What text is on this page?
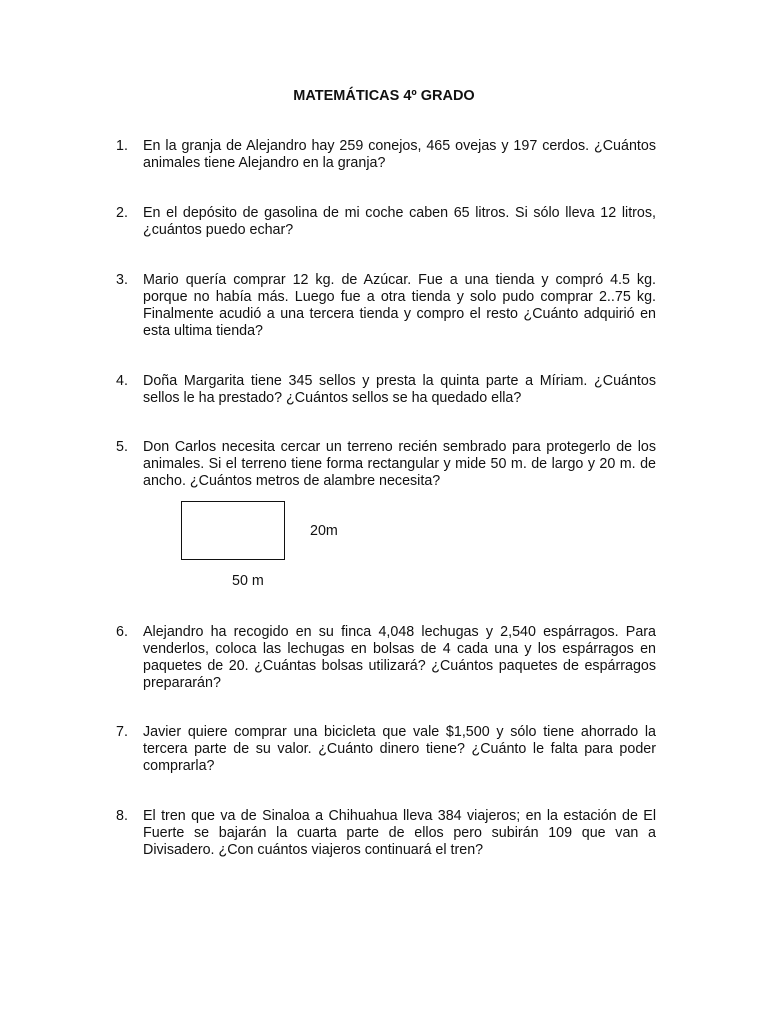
MATEMÁTICAS 4º GRADO
1.	En la granja de Alejandro hay 259 conejos, 465 ovejas y 197 cerdos. ¿Cuántos animales tiene Alejandro en la granja?
2.	En el depósito de gasolina de mi coche caben 65 litros. Si sólo lleva 12 litros, ¿cuántos puedo echar?
3.	Mario quería comprar 12 kg. de Azúcar. Fue a una tienda y compró 4.5 kg. porque no había más. Luego fue a otra tienda y solo pudo comprar 2..75 kg. Finalmente acudió a una tercera tienda y compro el resto ¿Cuánto adquirió en esta ultima tienda?
4.	Doña Margarita tiene 345 sellos y presta la quinta parte a Míriam. ¿Cuántos sellos le ha prestado? ¿Cuántos sellos se ha quedado ella?
5.	Don Carlos necesita cercar un terreno recién sembrado para protegerlo de los animales. Si el terreno tiene forma rectangular y mide 50 m. de largo y 20 m. de ancho. ¿Cuántos metros de alambre necesita?
20m
50 m
6.	Alejandro ha recogido en su finca 4,048 lechugas y 2,540 espárragos. Para venderlos, coloca las lechugas en bolsas de 4 cada una y los espárragos en paquetes de 20. ¿Cuántas bolsas utilizará? ¿Cuántos paquetes de espárragos prepararán?
7.	Javier quiere comprar una bicicleta que vale $1,500 y sólo tiene ahorrado la tercera parte de su valor. ¿Cuánto dinero tiene? ¿Cuánto le falta para poder comprarla?
8.	El tren que va de Sinaloa a Chihuahua lleva 384 viajeros; en la estación de El Fuerte se bajarán la cuarta parte de ellos pero subirán 109 que van a Divisadero. ¿Con cuántos viajeros continuará el tren?
